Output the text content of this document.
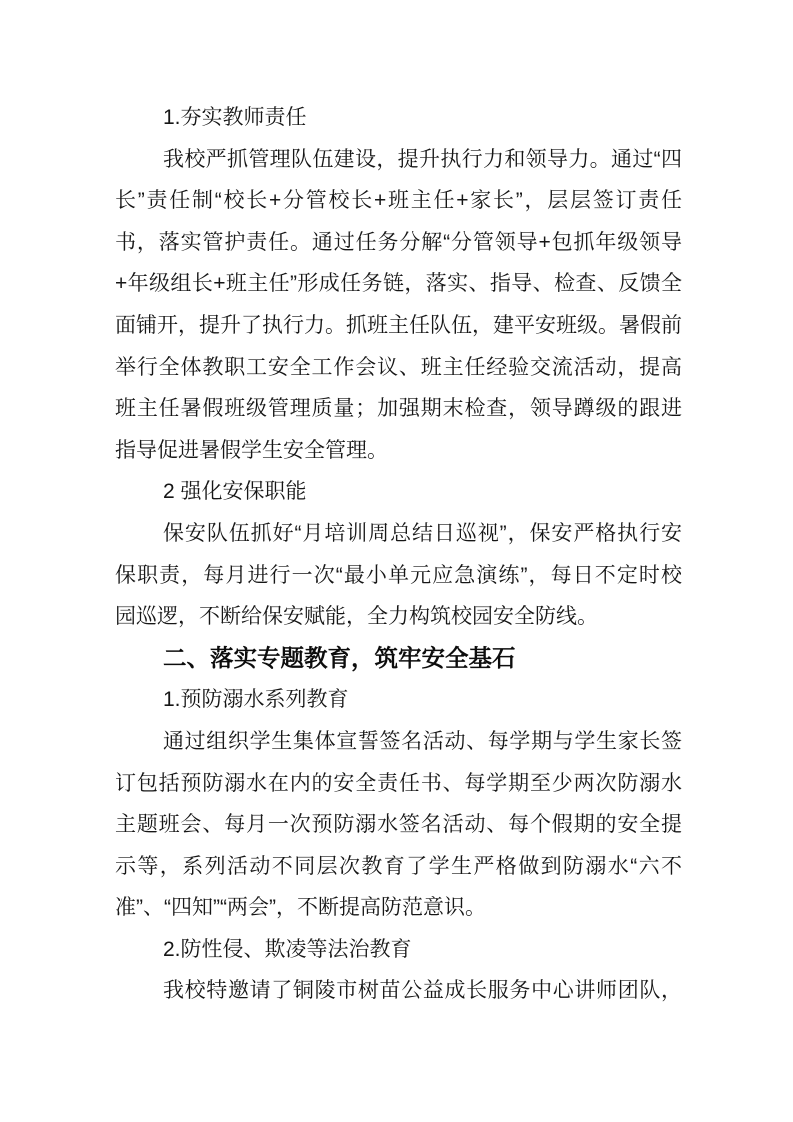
1.夯实教师责任
我校严抓管理队伍建设，提升执行力和领导力。通过“四
长”责任制“校长+分管校长+班主任+家长”，层层签订责任
书，落实管护责任。通过任务分解“分管领导+包抓年级领导
+年级组长+班主任”形成任务链，落实、指导、检查、反馈全
面铺开，提升了执行力。抓班主任队伍，建平安班级。暑假前
举行全体教职工安全工作会议、班主任经验交流活动，提高
班主任暑假班级管理质量；加强期末检查，领导蹲级的跟进
指导促进暑假学生安全管理。
2 强化安保职能
保安队伍抓好“月培训周总结日巡视”，保安严格执行安
保职责，每月进行一次“最小单元应急演练”，每日不定时校
园巡逻，不断给保安赋能，全力构筑校园安全防线。
二、落实专题教育，筑牢安全基石
1.预防溺水系列教育
通过组织学生集体宣誓签名活动、每学期与学生家长签
订包括预防溺水在内的安全责任书、每学期至少两次防溺水
主题班会、每月一次预防溺水签名活动、每个假期的安全提
示等，系列活动不同层次教育了学生严格做到防溺水“六不
准”、“四知”“两会”，不断提高防范意识。
2.防性侵、欺凌等法治教育
我校特邀请了铜陵市树苗公益成长服务中心讲师团队，
